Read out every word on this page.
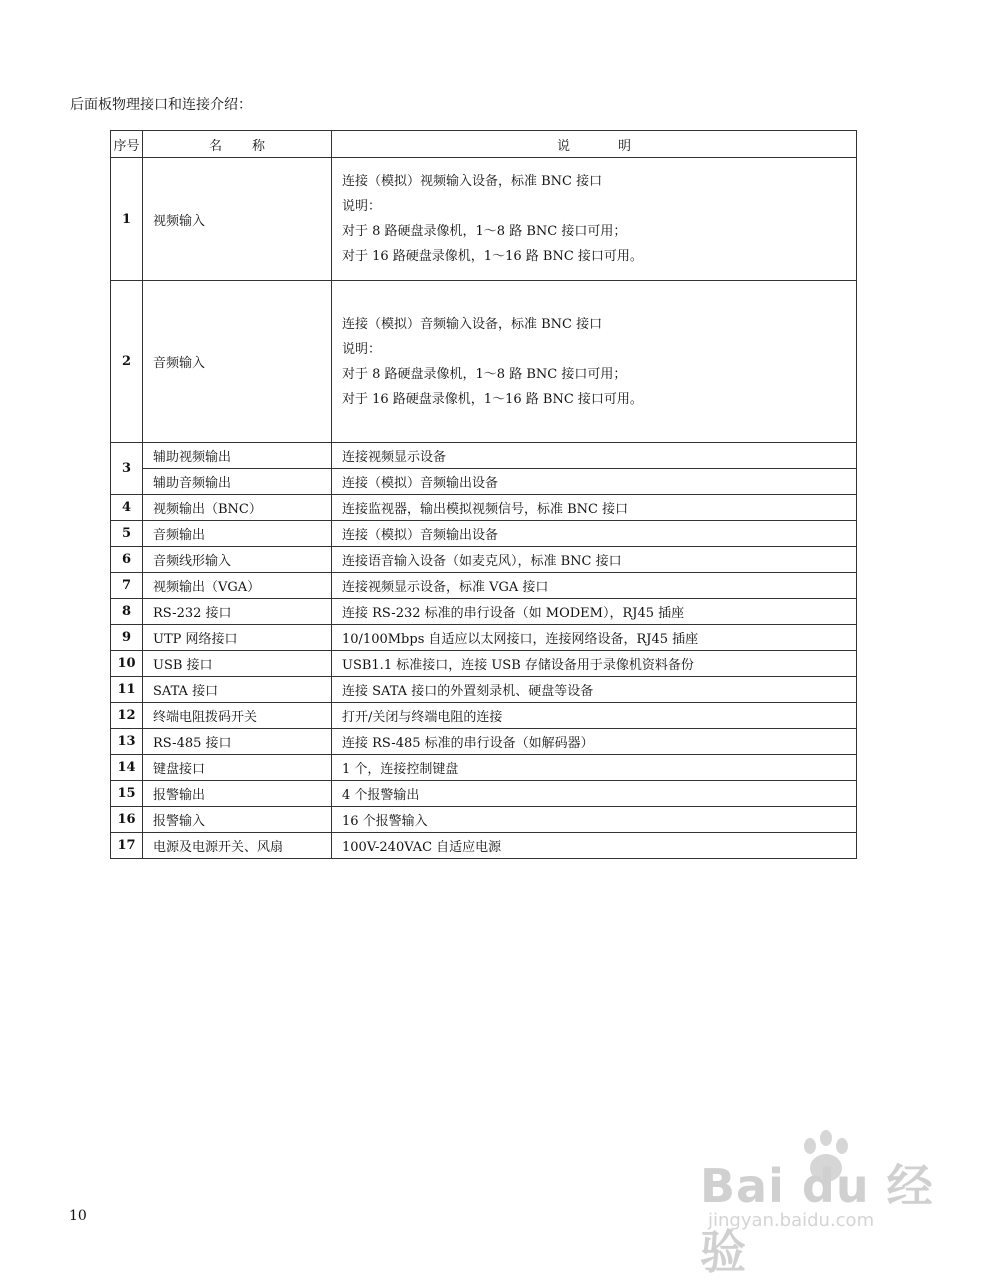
后面板物理接口和连接介绍：
序号	名 称	说 明
1	视频输入	连接（模拟）视频输入设备，标准 BNC 接口
说明：
对于 8 路硬盘录像机，1～8 路 BNC 接口可用；
对于 16 路硬盘录像机，1～16 路 BNC 接口可用。

2	音频输入	连接（模拟）音频输入设备，标准 BNC 接口
说明：
对于 8 路硬盘录像机，1～8 路 BNC 接口可用；
对于 16 路硬盘录像机，1～16 路 BNC 接口可用。

3	辅助视频输出	连接视频显示设备
	辅助音频输出	连接（模拟）音频输出设备
4	视频输出（BNC）	连接监视器，输出模拟视频信号，标准 BNC 接口
5	音频输出	连接（模拟）音频输出设备
6	音频线形输入	连接语音输入设备（如麦克风），标准 BNC 接口
7	视频输出（VGA）	连接视频显示设备，标准 VGA 接口
8	RS-232 接口	连接 RS-232 标准的串行设备（如 MODEM），RJ45 插座
9	UTP 网络接口	10/100Mbps 自适应以太网接口，连接网络设备，RJ45 插座
10	USB 接口	USB1.1 标准接口，连接 USB 存储设备用于录像机资料备份
11	SATA 接口	连接 SATA 接口的外置刻录机、硬盘等设备
12	终端电阻拨码开关	打开/关闭与终端电阻的连接
13	RS-485 接口	连接 RS-485 标准的串行设备（如解码器）
14	键盘接口	1 个，连接控制键盘
15	报警输出	4 个报警输出
16	报警输入	16 个报警输入
17	电源及电源开关、风扇	100V-240VAC 自适应电源
10
Bai du 经验
jingyan.baidu.com
